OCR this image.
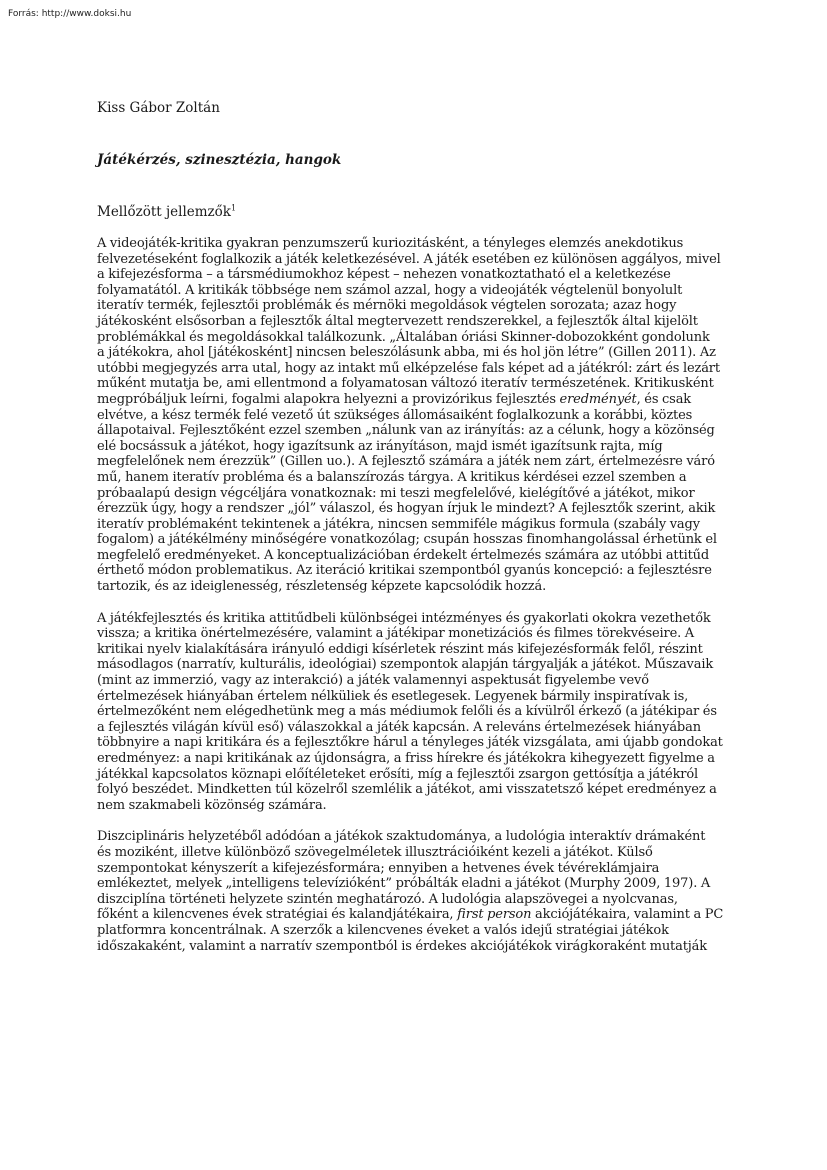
Forrás: http://www.doksi.hu

Kiss Gábor Zoltán

Játékérzés, szinesztézia, hangok

Mellőzött jellemzők$^1$

A videojáték-kritika gyakran penzumszerű kuriozitásként, a tényleges elemzés anekdotikus
felvezetéseként foglalkozik a játék keletkezésével. A játék esetében ez különösen aggályos, mivel
a kifejezésforma – a társmédiumokhoz képest – nehezen vonatkoztatható el a keletkezése
folyamatától. A kritikák többsége nem számol azzal, hogy a videojáték végtelenül bonyolult
iteratív termék, fejlesztői problémák és mérnöki megoldások végtelen sorozata; azaz hogy
játékosként elsősorban a fejlesztők által megtervezett rendszerekkel, a fejlesztők által kijelölt
problémákkal és megoldásokkal találkozunk. „Általában óriási Skinner-dobozokként gondolunk
a játékokra, ahol [játékosként] nincsen beleszólásunk abba, mi és hol jön létre” (Gillen 2011). Az
utóbbi megjegyzés arra utal, hogy az intakt mű elképzelése fals képet ad a játékról: zárt és lezárt
műként mutatja be, ami ellentmond a folyamatosan változó iteratív természetének. Kritikusként
megpróbáljuk leírni, fogalmi alapokra helyezni a provizórikus fejlesztés eredményét, és csak
elvétve, a kész termék felé vezető út szükséges állomásaiként foglalkozunk a korábbi, köztes
állapotaival. Fejlesztőként ezzel szemben „nálunk van az irányítás: az a célunk, hogy a közönség
elé bocsássuk a játékot, hogy igazítsunk az irányításon, majd ismét igazítsunk rajta, míg
megfelelőnek nem érezzük” (Gillen uo.). A fejlesztő számára a játék nem zárt, értelmezésre váró
mű, hanem iteratív probléma és a balanszírozás tárgya. A kritikus kérdései ezzel szemben a
próbaalapú design végcéljára vonatkoznak: mi teszi megfelelővé, kielégítővé a játékot, mikor
érezzük úgy, hogy a rendszer „jól” válaszol, és hogyan írjuk le mindezt? A fejlesztők szerint, akik
iteratív problémaként tekintenek a játékra, nincsen semmiféle mágikus formula (szabály vagy
fogalom) a játékélmény minőségére vonatkozólag; csupán hosszas finomhangolással érhetünk el
megfelelő eredményeket. A konceptualizációban érdekelt értelmezés számára az utóbbi attitűd
érthető módon problematikus. Az iteráció kritikai szempontból gyanús koncepció: a fejlesztésre
tartozik, és az ideiglenesség, részletenség képzete kapcsolódik hozzá.

A játékfejlesztés és kritika attitűdbeli különbségei intézményes és gyakorlati okokra vezethetők
vissza; a kritika önértelmezésére, valamint a játékipar monetizációs és filmes törekvéseire. A
kritikai nyelv kialakítására irányuló eddigi kísérletek részint más kifejezésformák felől, részint
másodlagos (narratív, kulturális, ideológiai) szempontok alapján tárgyalják a játékot. Műszavaik
(mint az immerzió, vagy az interakció) a játék valamennyi aspektusát figyelembe vevő
értelmezések hiányában értelem nélküliek és esetlegesek. Legyenek bármily inspiratívak is,
értelmezőként nem elégedhetünk meg a más médiumok felőli és a kívülről érkező (a játékipar és
a fejlesztés világán kívül eső) válaszokkal a játék kapcsán. A releváns értelmezések hiányában
többnyire a napi kritikára és a fejlesztőkre hárul a tényleges játék vizsgálata, ami újabb gondokat
eredményez: a napi kritikának az újdonságra, a friss hírekre és játékokra kihegyezett figyelme a
játékkal kapcsolatos köznapi előítéleteket erősíti, míg a fejlesztői zsargon gettósítja a játékról
folyó beszédet. Mindketten túl közelről szemlélik a játékot, ami visszatetsző képet eredményez a
nem szakmabeli közönség számára.

Diszciplináris helyzetéből adódóan a játékok szaktudománya, a ludológia interaktív drámaként
és moziként, illetve különböző szövegelméletek illusztrációiként kezeli a játékot. Külső
szempontokat kényszerít a kifejezésformára; ennyiben a hetvenes évek tévéreklámjaira
emlékeztet, melyek „intelligens televízióként” próbálták eladni a játékot (Murphy 2009, 197). A
diszciplína történeti helyzete szintén meghatározó. A ludológia alapszövegei a nyolcvanas,
főként a kilencvenes évek stratégiai és kalandjátékaira, first person akciójátékaira, valamint a PC
platformra koncentrálnak. A szerzők a kilencvenes éveket a valós idejű stratégiai játékok
időszakaként, valamint a narratív szempontból is érdekes akciójátékok virágkoraként mutatják
